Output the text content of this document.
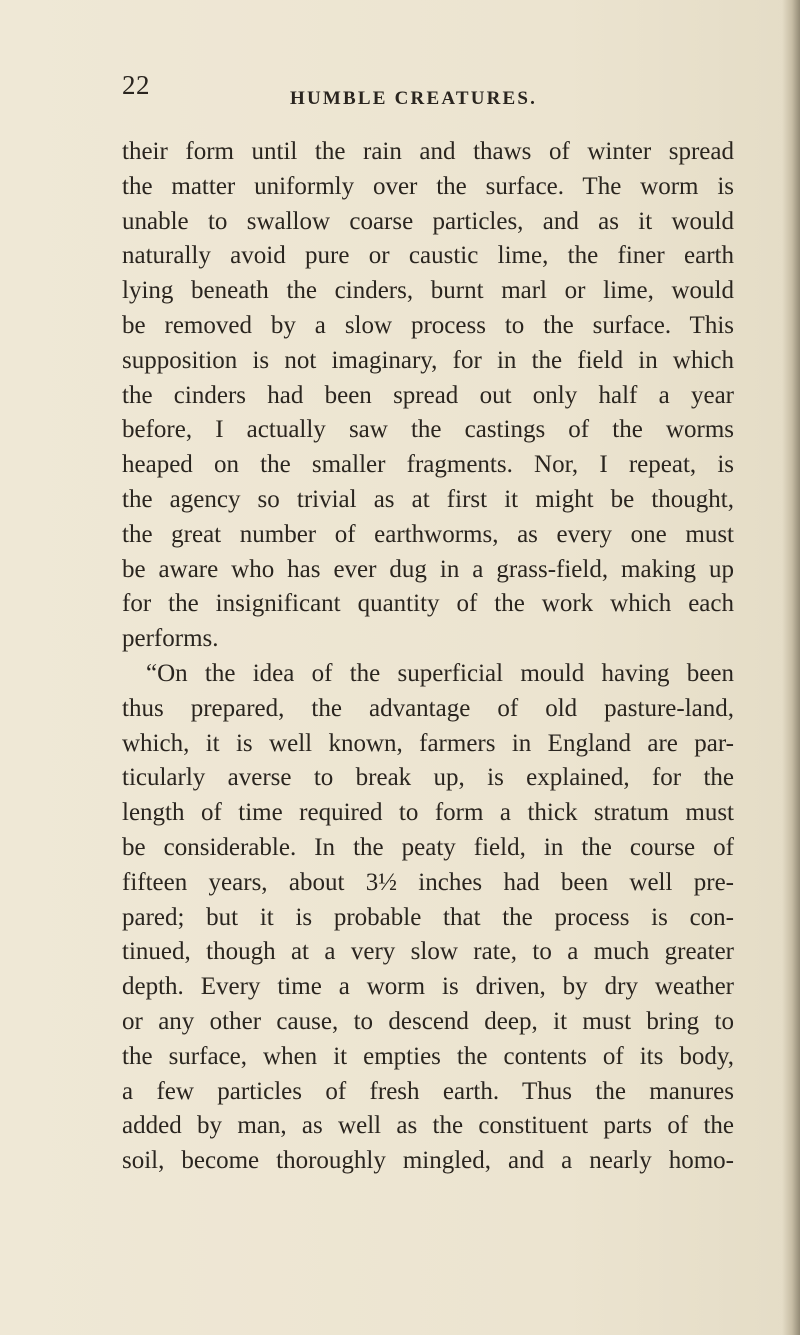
22	HUMBLE CREATURES.
their form until the rain and thaws of winter spread
the matter uniformly over the surface. The worm is
unable to swallow coarse particles, and as it would
naturally avoid pure or caustic lime, the finer earth
lying beneath the cinders, burnt marl or lime, would
be removed by a slow process to the surface. This
supposition is not imaginary, for in the field in which
the cinders had been spread out only half a year
before, I actually saw the castings of the worms
heaped on the smaller fragments. Nor, I repeat, is
the agency so trivial as at first it might be thought,
the great number of earthworms, as every one must
be aware who has ever dug in a grass-field, making up
for the insignificant quantity of the work which each
performs.
“On the idea of the superficial mould having been
thus prepared, the advantage of old pasture-land,
which, it is well known, farmers in England are par-
ticularly averse to break up, is explained, for the
length of time required to form a thick stratum must
be considerable. In the peaty field, in the course of
fifteen years, about 3½ inches had been well pre-
pared; but it is probable that the process is con-
tinued, though at a very slow rate, to a much greater
depth. Every time a worm is driven, by dry weather
or any other cause, to descend deep, it must bring to
the surface, when it empties the contents of its body,
a few particles of fresh earth. Thus the manures
added by man, as well as the constituent parts of the
soil, become thoroughly mingled, and a nearly homo-
